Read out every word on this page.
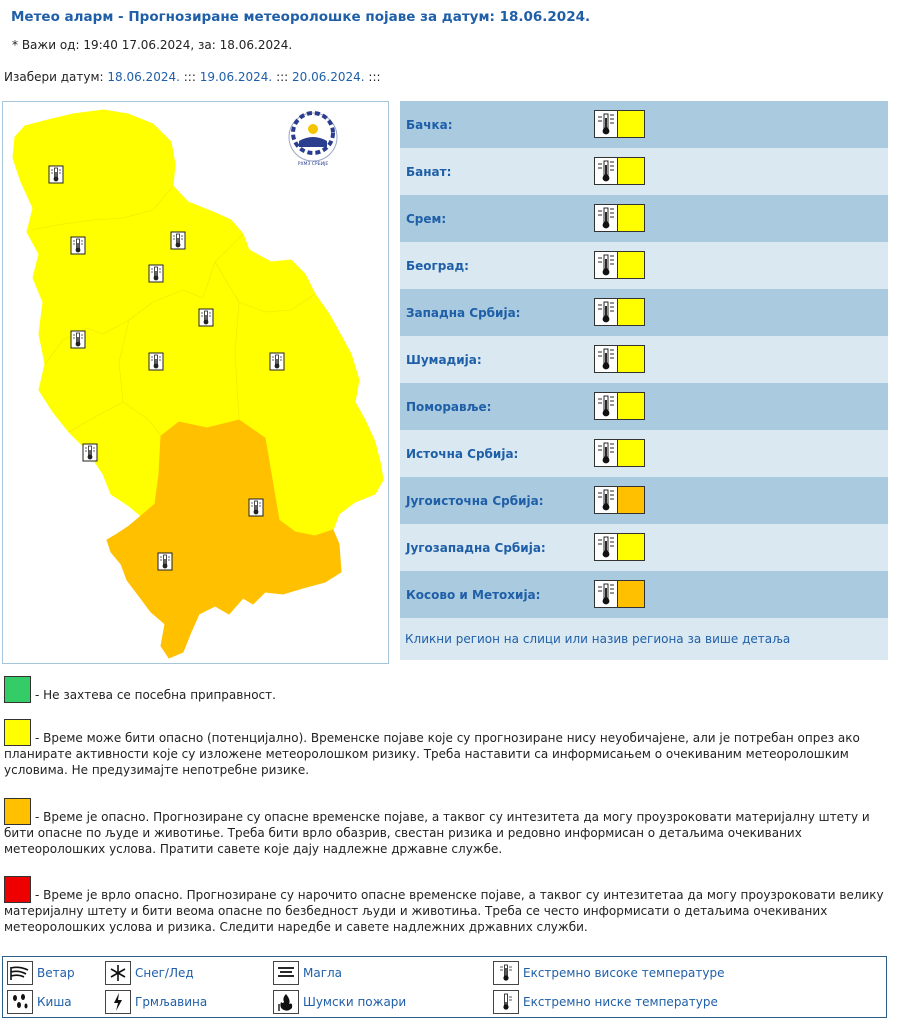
Метео аларм - Прогнозиране метеоролошке појаве за датум: 18.06.2024.
* Важи од: 19:40 17.06.2024, за: 18.06.2024.
Изабери датум: 18.06.2024. ::: 19.06.2024. ::: 20.06.2024. :::
РХМЗ СРБИЈЕ
Бачка:
Банат:
Срем:
Београд:
Западна Србија:
Шумадија:
Поморавље:
Источна Србија:
Југоисточна Србија:
Југозападна Србија:
Косово и Метохија:
Кликни регион на слици или назив региона за више детаља
- Не захтева се посебна приправност.
- Време може бити опасно (потенцијално). Временске појаве које су прогнозиране нису неуобичајене, али је потребан опрез ако планирате активности које су изложене метеоролошком ризику. Треба наставити са информисањем о очекиваним метеоролошким условима. Не предузимајте непотребне ризике.
- Време је опасно. Прогнозиране су опасне временске појаве, а таквог су интезитета да могу проузроковати материјалну штету и бити опасне по људе и животиње. Треба бити врло обазрив, свестан ризика и редовно информисан о детаљима очекиваних метеоролошких услова. Пратити савете које дају надлежне државне службе.
- Време је врло опасно. Прогнозиране су нарочито опасне временске појаве, а таквог су интезитетаа да могу проузроковати велику материјалну штету и бити веома опасне по безбедност људи и животиња. Треба се често информисати о детаљима очекиваних метеоролошких услова и ризика. Следити наредбе и савете надлежних државних служби.
Ветар	Снег/Лед	Магла	Екстремно високе температуре
Киша	Грмљавина	Шумски пожари	Екстремно ниске температуре
